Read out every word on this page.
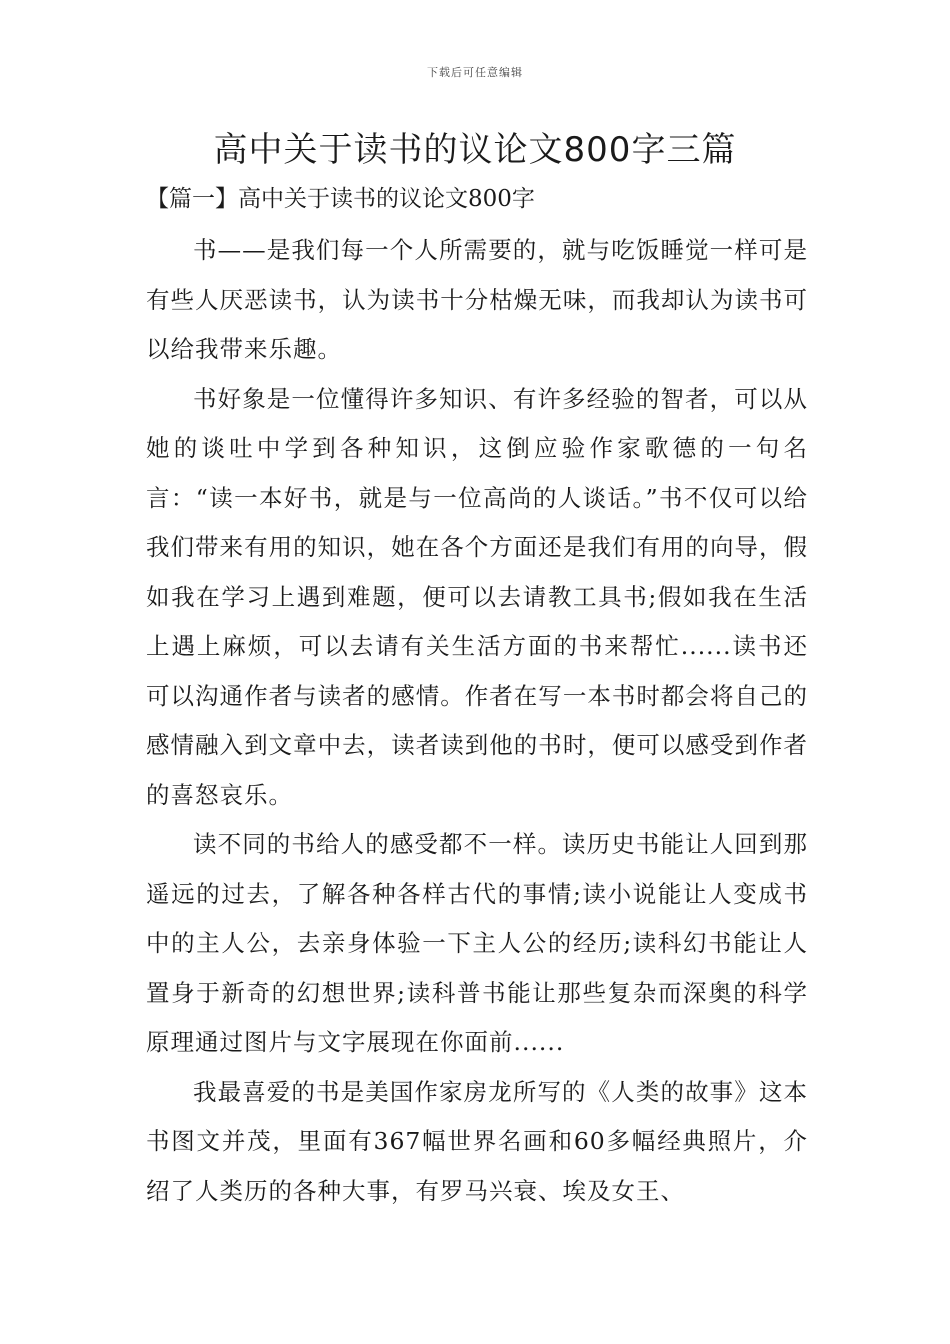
下载后可任意编辑
高中关于读书的议论文800字三篇
【篇一】高中关于读书的议论文800字

书——是我们每一个人所需要的，就与吃饭睡觉一样可是有些人厌恶读书，认为读书十分枯燥无味，而我却认为读书可以给我带来乐趣。

书好象是一位懂得许多知识、有许多经验的智者，可以从她的谈吐中学到各种知识，这倒应验作家歌德的一句名言：“读一本好书，就是与一位高尚的人谈话。”书不仅可以给我们带来有用的知识，她在各个方面还是我们有用的向导，假如我在学习上遇到难题，便可以去请教工具书;假如我在生活上遇上麻烦，可以去请有关生活方面的书来帮忙......读书还可以沟通作者与读者的感情。作者在写一本书时都会将自己的感情融入到文章中去，读者读到他的书时，便可以感受到作者的喜怒哀乐。

读不同的书给人的感受都不一样。读历史书能让人回到那遥远的过去，了解各种各样古代的事情;读小说能让人变成书中的主人公，去亲身体验一下主人公的经历;读科幻书能让人置身于新奇的幻想世界;读科普书能让那些复杂而深奥的科学原理通过图片与文字展现在你面前......

我最喜爱的书是美国作家房龙所写的《人类的故事》这本书图文并茂，里面有367幅世界名画和60多幅经典照片，介绍了人类历的各种大事，有罗马兴衰、埃及女王、
